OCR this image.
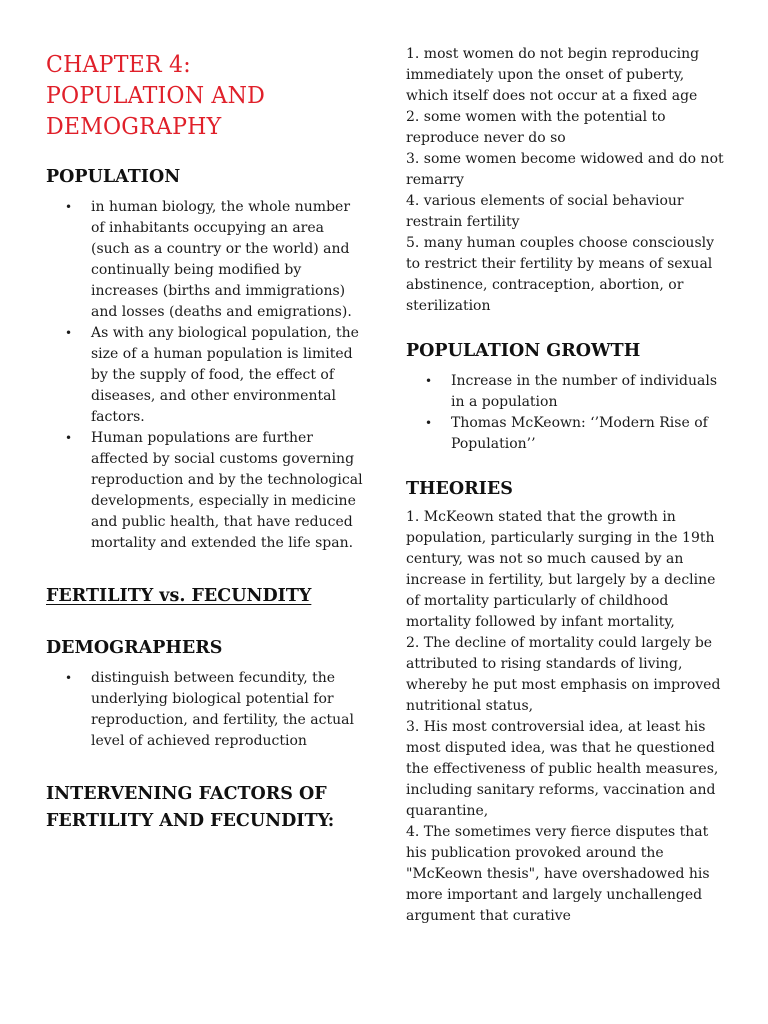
CHAPTER 4:
POPULATION AND
DEMOGRAPHY
POPULATION
• in human biology, the whole number of inhabitants occupying an area (such as a country or the world) and continually being modified by increases (births and immigrations) and losses (deaths and emigrations).
• As with any biological population, the size of a human population is limited by the supply of food, the effect of diseases, and other environmental factors.
• Human populations are further affected by social customs governing reproduction and by the technological developments, especially in medicine and public health, that have reduced mortality and extended the life span.
FERTILITY vs. FECUNDITY
DEMOGRAPHERS
• distinguish between fecundity, the underlying biological potential for reproduction, and fertility, the actual level of achieved reproduction
INTERVENING FACTORS OF
FERTILITY AND FECUNDITY:
1. most women do not begin reproducing immediately upon the onset of puberty, which itself does not occur at a fixed age
2. some women with the potential to reproduce never do so
3. some women become widowed and do not remarry
4. various elements of social behaviour restrain fertility
5. many human couples choose consciously to restrict their fertility by means of sexual abstinence, contraception, abortion, or sterilization
POPULATION GROWTH
• Increase in the number of individuals in a population
• Thomas McKeown: ‘’Modern Rise of Population’’
THEORIES
1. McKeown stated that the growth in population, particularly surging in the 19th century, was not so much caused by an increase in fertility, but largely by a decline of mortality particularly of childhood mortality followed by infant mortality,
2. The decline of mortality could largely be attributed to rising standards of living, whereby he put most emphasis on improved nutritional status,
3. His most controversial idea, at least his most disputed idea, was that he questioned the effectiveness of public health measures, including sanitary reforms, vaccination and quarantine,
4. The sometimes very fierce disputes that his publication provoked around the "McKeown thesis", have overshadowed his more important and largely unchallenged argument that curative
